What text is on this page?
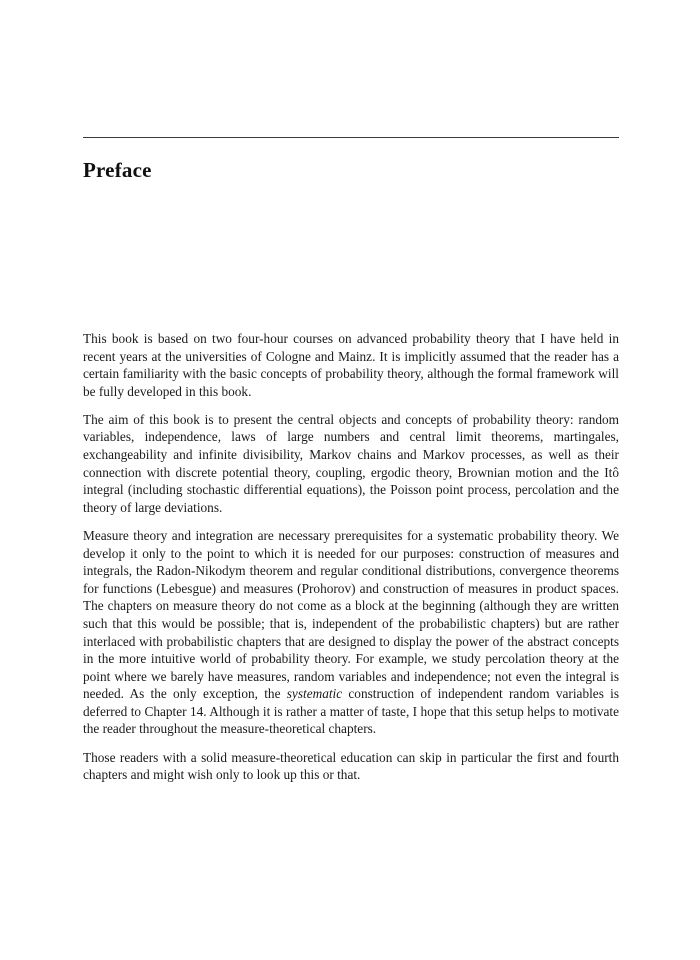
Preface

This book is based on two four-hour courses on advanced probability theory that I have held in recent years at the universities of Cologne and Mainz. It is implicitly assumed that the reader has a certain familiarity with the basic concepts of probability theory, although the formal framework will be fully developed in this book.

The aim of this book is to present the central objects and concepts of probability theory: random variables, independence, laws of large numbers and central limit theorems, martingales, exchangeability and infinite divisibility, Markov chains and Markov processes, as well as their connection with discrete potential theory, coupling, ergodic theory, Brownian motion and the Itô integral (including stochastic differential equations), the Poisson point process, percolation and the theory of large deviations.

Measure theory and integration are necessary prerequisites for a systematic probability theory. We develop it only to the point to which it is needed for our purposes: construction of measures and integrals, the Radon-Nikodym theorem and regular conditional distributions, convergence theorems for functions (Lebesgue) and measures (Prohorov) and construction of measures in product spaces. The chapters on measure theory do not come as a block at the beginning (although they are written such that this would be possible; that is, independent of the probabilistic chapters) but are rather interlaced with probabilistic chapters that are designed to display the power of the abstract concepts in the more intuitive world of probability theory. For example, we study percolation theory at the point where we barely have measures, random variables and independence; not even the integral is needed. As the only exception, the systematic construction of independent random variables is deferred to Chapter 14. Although it is rather a matter of taste, I hope that this setup helps to motivate the reader throughout the measure-theoretical chapters.

Those readers with a solid measure-theoretical education can skip in particular the first and fourth chapters and might wish only to look up this or that.
